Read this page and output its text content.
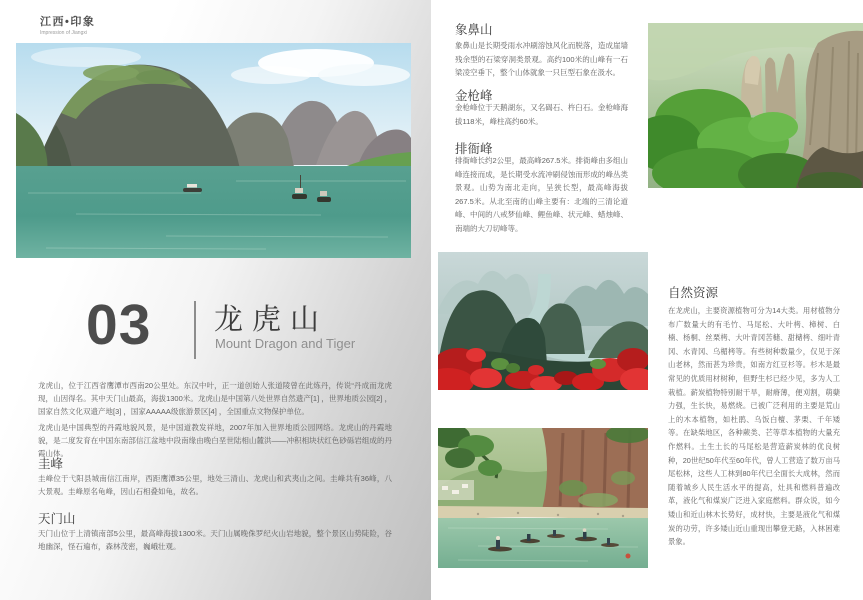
江西•印象
Impression of Jiangxi
03 龙虎山
Mount Dragon and Tiger

龙虎山，位于江西省鹰潭市西南20公里处。东汉中叶，正一道创始人张道陵曾在此炼丹，传说“丹成而龙虎现，山因得名。其中天门山最高，海拔1300米。龙虎山是中国第八处世界自然遗产[1] ，世界地质公园[2] ，国家自然文化双遗产地[3] ，国家AAAAA级旅游景区[4] ，全国重点文物保护单位。

龙虎山是中国典型的丹霞地貌风景，是中国道教发祥地，2007年加入世界地质公园网络。龙虎山的丹霞地貌，是二度发育在中国东南部信江盆地中段南缘由晚白垩世陆相山麓洪——冲积相块状红色砂砾岩组成的丹霞山体。

圭峰

圭峰位于弋阳县城南信江南岸，西距鹰潭35公里，地处三清山、龙虎山和武夷山之间。圭峰共有36峰，八大景观。圭峰原名龟峰，因山石相叠如龟，故名。

天门山

天门山位于上清镇南部5公里，最高峰海拔1300米。天门山属晚侏罗纪火山岩地貌，整个景区山势陡险，谷地幽深，怪石遍布，森林茂密，巍峨壮观。

象鼻山

象鼻山是长期受雨水冲刷溶蚀风化而脱落，造成崖墙残余型的石梁穿洞类景观。高约100米的山峰有一石梁凌空垂下，整个山体就象一只巨型石象在汲水。

金枪峰

金枪峰位于天鹅湖东，又名碣石、杵臼石。金枪峰海拔118米，峰柱高约60米。

排衙峰

排衙峰长约2公里，最高峰267.5米。排衙峰由多组山峰连接而成，是长期受水流冲刷侵蚀而形成的峰丛类景观。山势为南北走向，呈狭长型，最高峰海拔267.5米。从北至南的山峰主要有：北端的三清论道峰、中间的八戒梦仙峰、鲤鱼峰、状元峰、蜡烛峰、南端的大刀切峰等。

自然资源

在龙虎山，主要资源植物可分为14大类。用材植物分布广数量大的有毛竹、马尾松、大叶栲、樟树、白楠、杨桐、丝栗栲、大叶青冈苦槠、甜槠栲、细叶青冈、水青冈、乌楣栲等。有些树种数量少，仅见于深山老林，然而甚为珍贵，如南方红豆杉等。杉木是最常见的优质用材树种，但野生杉已经少见，多为人工栽植。薪炭植物特别耐干旱，耐瘠薄，便刈割，萌蘖力强，生长快，易燃烧。已被广泛利用的主要是荒山上的木本植物，如杜鹃、乌饭白檀、茅栗、千年矮等。在缺柴地区，各种蕨类、芒等草本植物的大量充作燃料。土生土长的马尾松是营造薪炭林的优良树种，20世纪50年代至60年代，曾人工营造了数万亩马尾松林，这些人工林到80年代已全面长大成林，然而随着城乡人民生活水平的提高，灶具和燃料普遍改革，液化气和煤炭广泛进入家庭燃料。群众说，如今矮山和近山林木长势好，成材快，主要是液化气和煤炭的功劳，许多矮山近山重现出攀登无路，入林困难景象。
